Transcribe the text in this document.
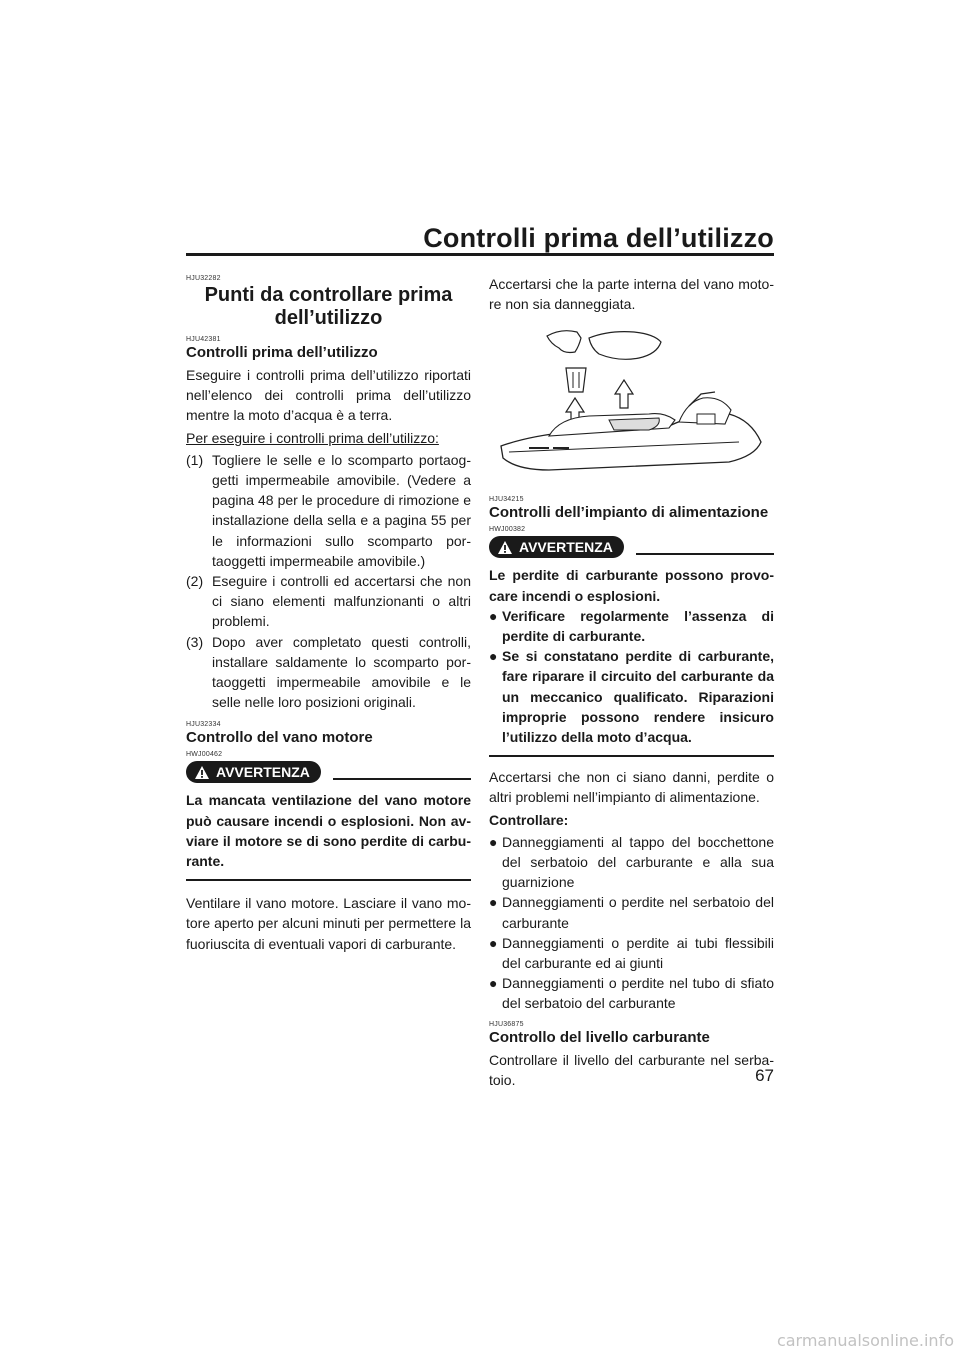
Controlli prima dell’utilizzo
HJU32282
Punti da controllare prima dell’utilizzo
HJU42381
Controlli prima dell’utilizzo
Eseguire i controlli prima dell’utilizzo riportati nell’elenco dei controlli prima dell’utilizzo mentre la moto d’acqua è a terra.
Per eseguire i controlli prima dell’utilizzo:
(1) Togliere le selle e lo scomparto portaoggetti impermeabile amovibile. (Vedere a pagina 48 per le procedure di rimozione e installazione della sella e a pagina 55 per le informazioni sullo scomparto portaoggetti impermeabile amovibile.)
(2) Eseguire i controlli ed accertarsi che non ci siano elementi malfunzionanti o altri problemi.
(3) Dopo aver completato questi controlli, installare saldamente lo scomparto portaoggetti impermeabile amovibile e le selle nelle loro posizioni originali.
HJU32334
Controllo del vano motore
HWJ00462
AVVERTENZA
La mancata ventilazione del vano motore può causare incendi o esplosioni. Non avviare il motore se di sono perdite di carburante.
Ventilare il vano motore. Lasciare il vano motore aperto per alcuni minuti per permettere la fuoriuscita di eventuali vapori di carburante.
Accertarsi che la parte interna del vano motore non sia danneggiata.
HJU34215
Controlli dell’impianto di alimentazione
HWJ00382
AVVERTENZA
Le perdite di carburante possono provocare incendi o esplosioni.
● Verificare regolarmente l’assenza di perdite di carburante.
● Se si constatano perdite di carburante, fare riparare il circuito del carburante da un meccanico qualificato. Riparazioni improprie possono rendere insicuro l’utilizzo della moto d’acqua.
Accertarsi che non ci siano danni, perdite o altri problemi nell’impianto di alimentazione.
Controllare:
● Danneggiamenti al tappo del bocchettone del serbatoio del carburante e alla sua guarnizione
● Danneggiamenti o perdite nel serbatoio del carburante
● Danneggiamenti o perdite ai tubi flessibili del carburante ed ai giunti
● Danneggiamenti o perdite nel tubo di sfiato del serbatoio del carburante
HJU36875
Controllo del livello carburante
Controllare il livello del carburante nel serbatoio.	67
carmanualsonline.info
